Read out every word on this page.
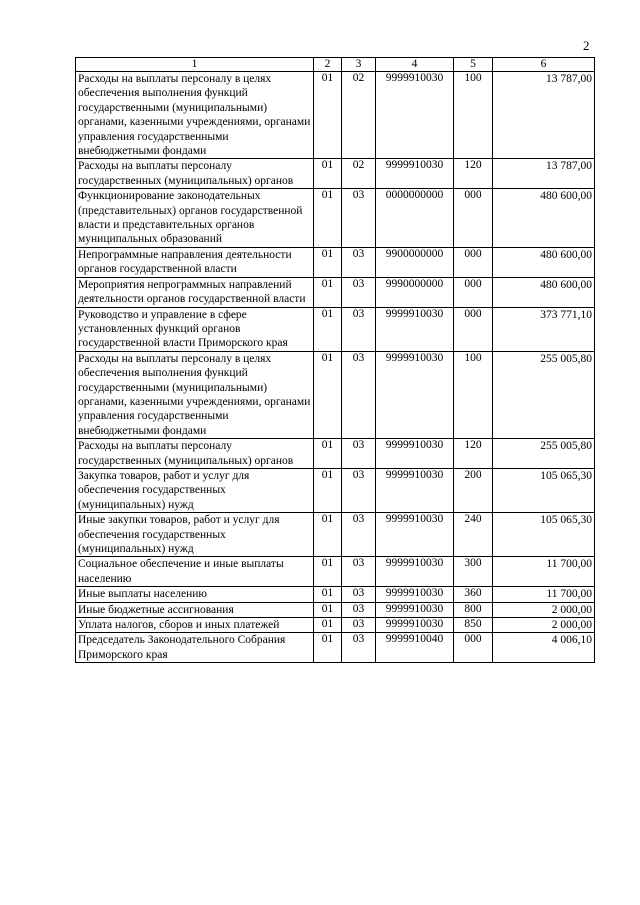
2
1	2	3	4	5	6
Расходы на выплаты персоналу в целях обеспечения выполнения функций государственными (муниципальными) органами, казенными учреждениями, органами управления государственными внебюджетными фондами	01	02	9999910030	100	13 787,00
Расходы на выплаты персоналу государственных (муниципальных) органов	01	02	9999910030	120	13 787,00
Функционирование законодательных (представительных) органов государственной власти и представительных органов муниципальных образований	01	03	0000000000	000	480 600,00
Непрограммные направления деятельности органов государственной власти	01	03	9900000000	000	480 600,00
Мероприятия непрограммных направлений деятельности органов государственной власти	01	03	9990000000	000	480 600,00
Руководство и управление в сфере установленных функций органов государственной власти Приморского края	01	03	9999910030	000	373 771,10
Расходы на выплаты персоналу в целях обеспечения выполнения функций государственными (муниципальными) органами, казенными учреждениями, органами управления государственными внебюджетными фондами	01	03	9999910030	100	255 005,80
Расходы на выплаты персоналу государственных (муниципальных) органов	01	03	9999910030	120	255 005,80
Закупка товаров, работ и услуг для обеспечения государственных (муниципальных) нужд	01	03	9999910030	200	105 065,30
Иные закупки товаров, работ и услуг для обеспечения государственных (муниципальных) нужд	01	03	9999910030	240	105 065,30
Социальное обеспечение и иные выплаты населению	01	03	9999910030	300	11 700,00
Иные выплаты населению	01	03	9999910030	360	11 700,00
Иные бюджетные ассигнования	01	03	9999910030	800	2 000,00
Уплата налогов, сборов и иных платежей	01	03	9999910030	850	2 000,00
Председатель Законодательного Собрания Приморского края	01	03	9999910040	000	4 006,10
